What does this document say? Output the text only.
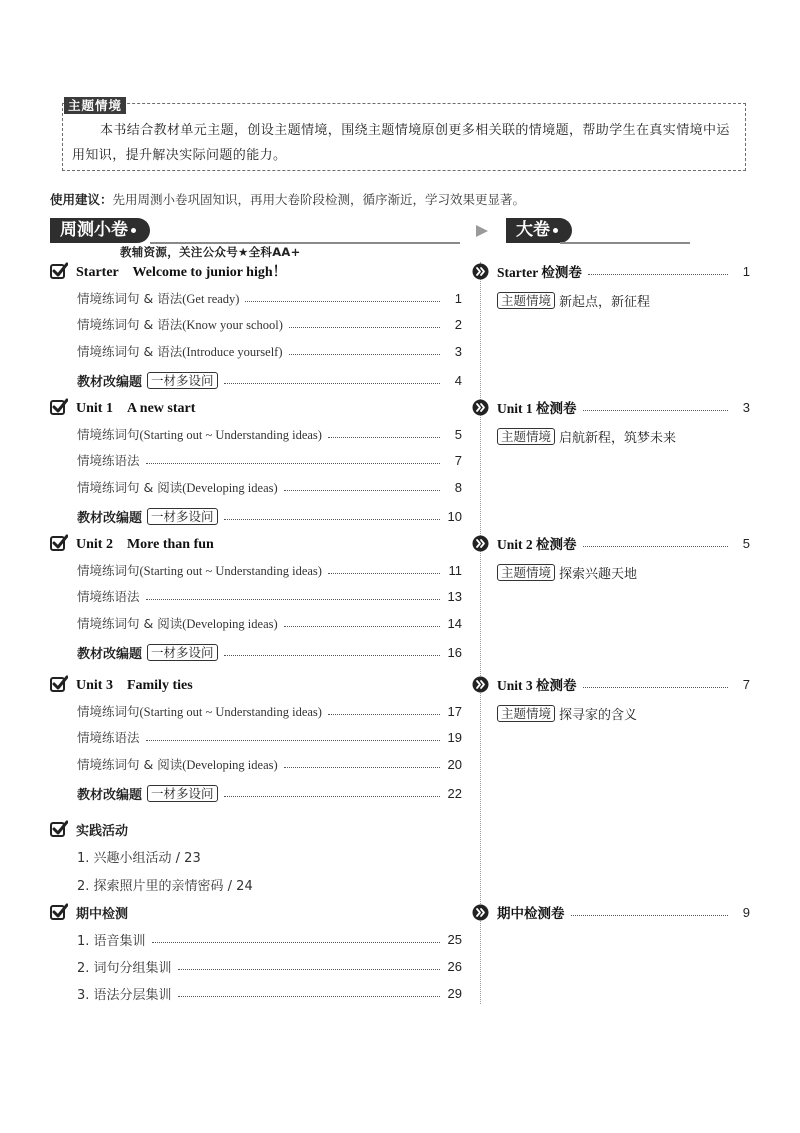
主题情境
本书结合教材单元主题，创设主题情境，围绕主题情境原创更多相关联的情境题，帮助学生在真实情境中运用知识，提升解决实际问题的能力。
使用建议：先用周测小卷巩固知识，再用大卷阶段检测，循序渐近，学习效果更显著。
周测小卷
教辅资源，关注公众号★全科AA+
大卷
Starter　Welcome to junior high！
情境练词句 & 语法(Get ready)	1
情境练词句 & 语法(Know your school)	2
情境练词句 & 语法(Introduce yourself)	3
教材改编题 一材多设问	4
Unit 1　A new start
情境练词句(Starting out ~ Understanding ideas)	5
情境练语法	7
情境练词句 & 阅读(Developing ideas)	8
教材改编题 一材多设问	10
Unit 2　More than fun
情境练词句(Starting out ~ Understanding ideas)	11
情境练语法	13
情境练词句 & 阅读(Developing ideas)	14
教材改编题 一材多设问	16
Unit 3　Family ties
情境练词句(Starting out ~ Understanding ideas)	17
情境练语法	19
情境练词句 & 阅读(Developing ideas)	20
教材改编题 一材多设问	22
实践活动
1. 兴趣小组活动 / 23
2. 探索照片里的亲情密码 / 24
期中检测
1. 语音集训	25
2. 词句分组集训	26
3. 语法分层集训	29
Starter 检测卷	1
主题情境 新起点，新征程
Unit 1 检测卷	3
主题情境 启航新程，筑梦未来
Unit 2 检测卷	5
主题情境 探索兴趣天地
Unit 3 检测卷	7
主题情境 探寻家的含义
期中检测卷	9
